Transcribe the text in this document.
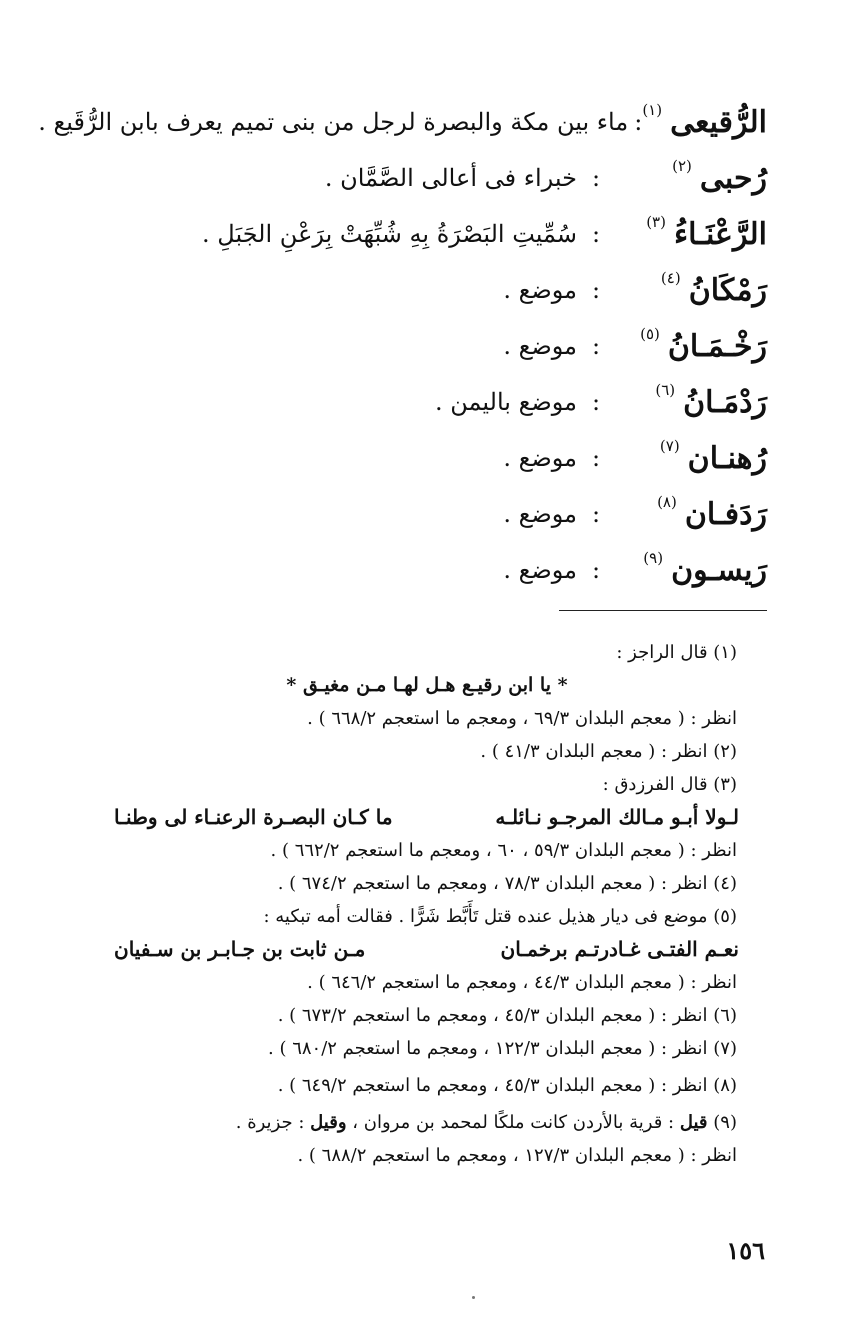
الرُّقيعى
(١)
:
ماء بين مكة والبصرة لرجل من بنى تميم يعرف بابن الرُّقَيع .
رُحبى
(٢)
:
خبراء فى أعالى الصَّمَّان .
الرَّعْنَـاءُ
(٣)
:
سُمِّيتِ البَصْرَةُ بِهِ شُبِّهَتْ بِرَعْنِ الجَبَلِ .
رَمْكَانُ
(٤)
:
موضع .
رَخْـمَـانُ
(٥)
:
موضع .
رَدْمَـانُ
(٦)
:
موضع باليمن .
رُهنـان
(٧)
:
موضع .
رَدَفـان
(٨)
:
موضع .
رَيسـون
(٩)
:
موضع .
(١) قال الراجز :
* يا ابن رقيـع هـل لهـا مـن مغيـق *
انظر : ( معجم البلدان ٦٩/٣ ، ومعجم ما استعجم ٦٦٨/٢ ) .
(٢) انظر : ( معجم البلدان ٤١/٣ ) .
(٣) قال الفرزدق :
لـولا أبـو مـالك المرجـو نـائلـه
ما كـان البصـرة الرعنـاء لى وطنـا
انظر : ( معجم البلدان ٥٩/٣ ، ٦٠ ، ومعجم ما استعجم ٦٦٢/٢ ) .
(٤) انظر : ( معجم البلدان ٧٨/٣ ، ومعجم ما استعجم ٦٧٤/٢ ) .
(٥) موضع فى ديار هذيل عنده قتل تَأَبَّط شَرًّا . فقالت أمه تبكيه :
نعـم الفتـى غـادرتـم برخمـان
مـن ثابت بن جـابـر بن سـفيان
انظر : ( معجم البلدان ٤٤/٣ ، ومعجم ما استعجم ٦٤٦/٢ ) .
(٦) انظر : ( معجم البلدان ٤٥/٣ ، ومعجم ما استعجم ٦٧٣/٢ ) .
(٧) انظر : ( معجم البلدان ١٢٢/٣ ، ومعجم ما استعجم ٦٨٠/٢ ) .
(٨) انظر : ( معجم البلدان ٤٥/٣ ، ومعجم ما استعجم ٦٤٩/٢ ) .
(٩) قيل : قرية بالأردن كانت ملكًا لمحمد بن مروان ، وقيل : جزيرة .
انظر : ( معجم البلدان ١٢٧/٣ ، ومعجم ما استعجم ٦٨٨/٢ ) .
١٥٦
